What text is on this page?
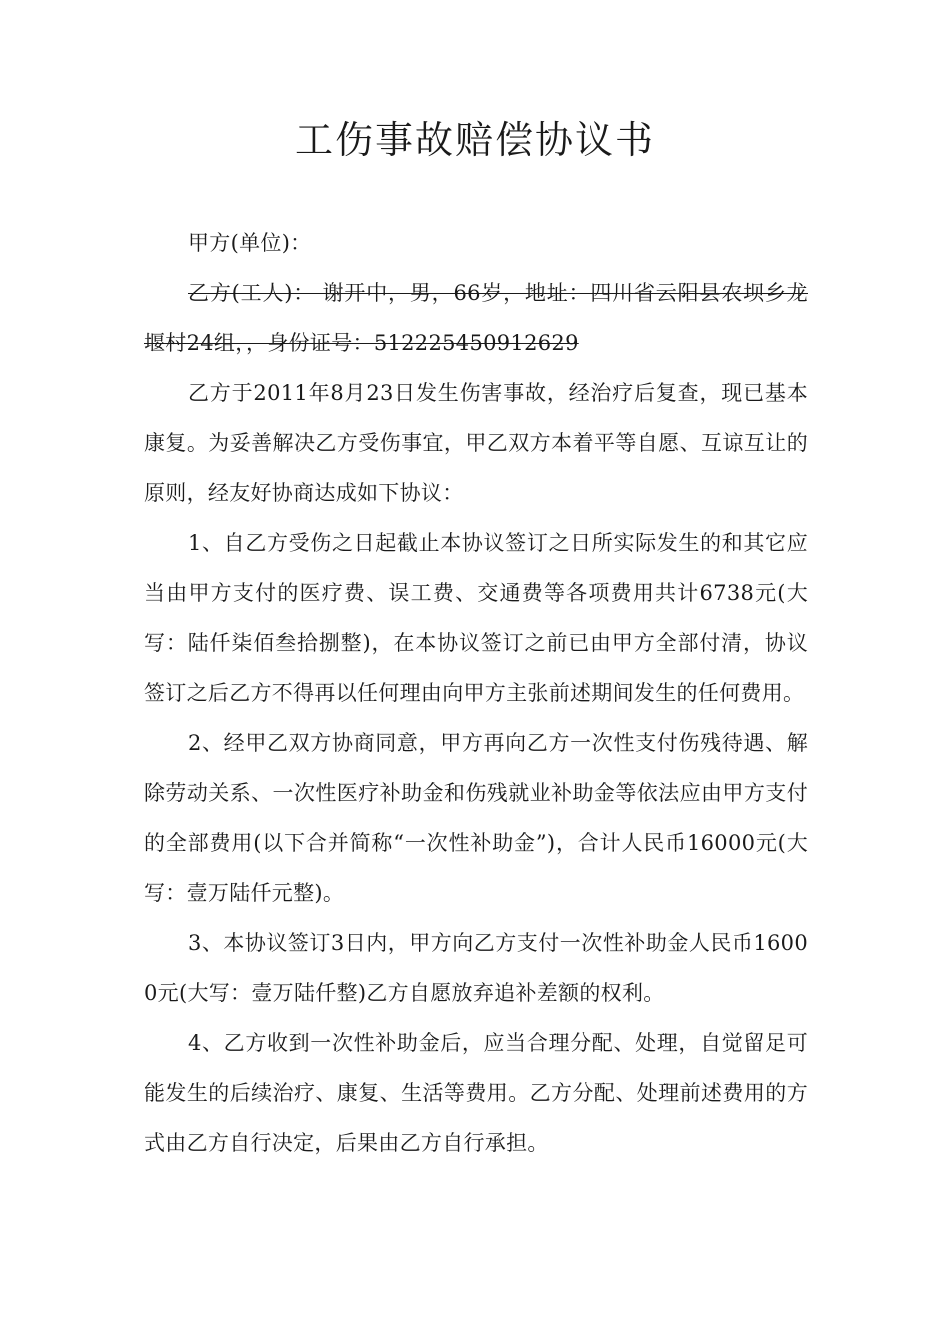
工伤事故赔偿协议书

甲方(单位)：

乙方(工人)： 谢开中，男，66岁，地址：四川省云阳县农坝乡龙堰村24组，，身份证号：512225450912629

乙方于2011年8月23日发生伤害事故，经治疗后复查，现已基本康复。为妥善解决乙方受伤事宜，甲乙双方本着平等自愿、互谅互让的原则，经友好协商达成如下协议：

1、自乙方受伤之日起截止本协议签订之日所实际发生的和其它应当由甲方支付的医疗费、误工费、交通费等各项费用共计6738元(大写：陆仟柒佰叁拾捌整)，在本协议签订之前已由甲方全部付清，协议签订之后乙方不得再以任何理由向甲方主张前述期间发生的任何费用。

2、经甲乙双方协商同意，甲方再向乙方一次性支付伤残待遇、解除劳动关系、一次性医疗补助金和伤残就业补助金等依法应由甲方支付的全部费用(以下合并简称“一次性补助金”)，合计人民币16000元(大写：壹万陆仟元整)。

3、本协议签订3日内，甲方向乙方支付一次性补助金人民币16000元(大写：壹万陆仟整)乙方自愿放弃追补差额的权利。

4、乙方收到一次性补助金后，应当合理分配、处理，自觉留足可能发生的后续治疗、康复、生活等费用。乙方分配、处理前述费用的方式由乙方自行决定，后果由乙方自行承担。
